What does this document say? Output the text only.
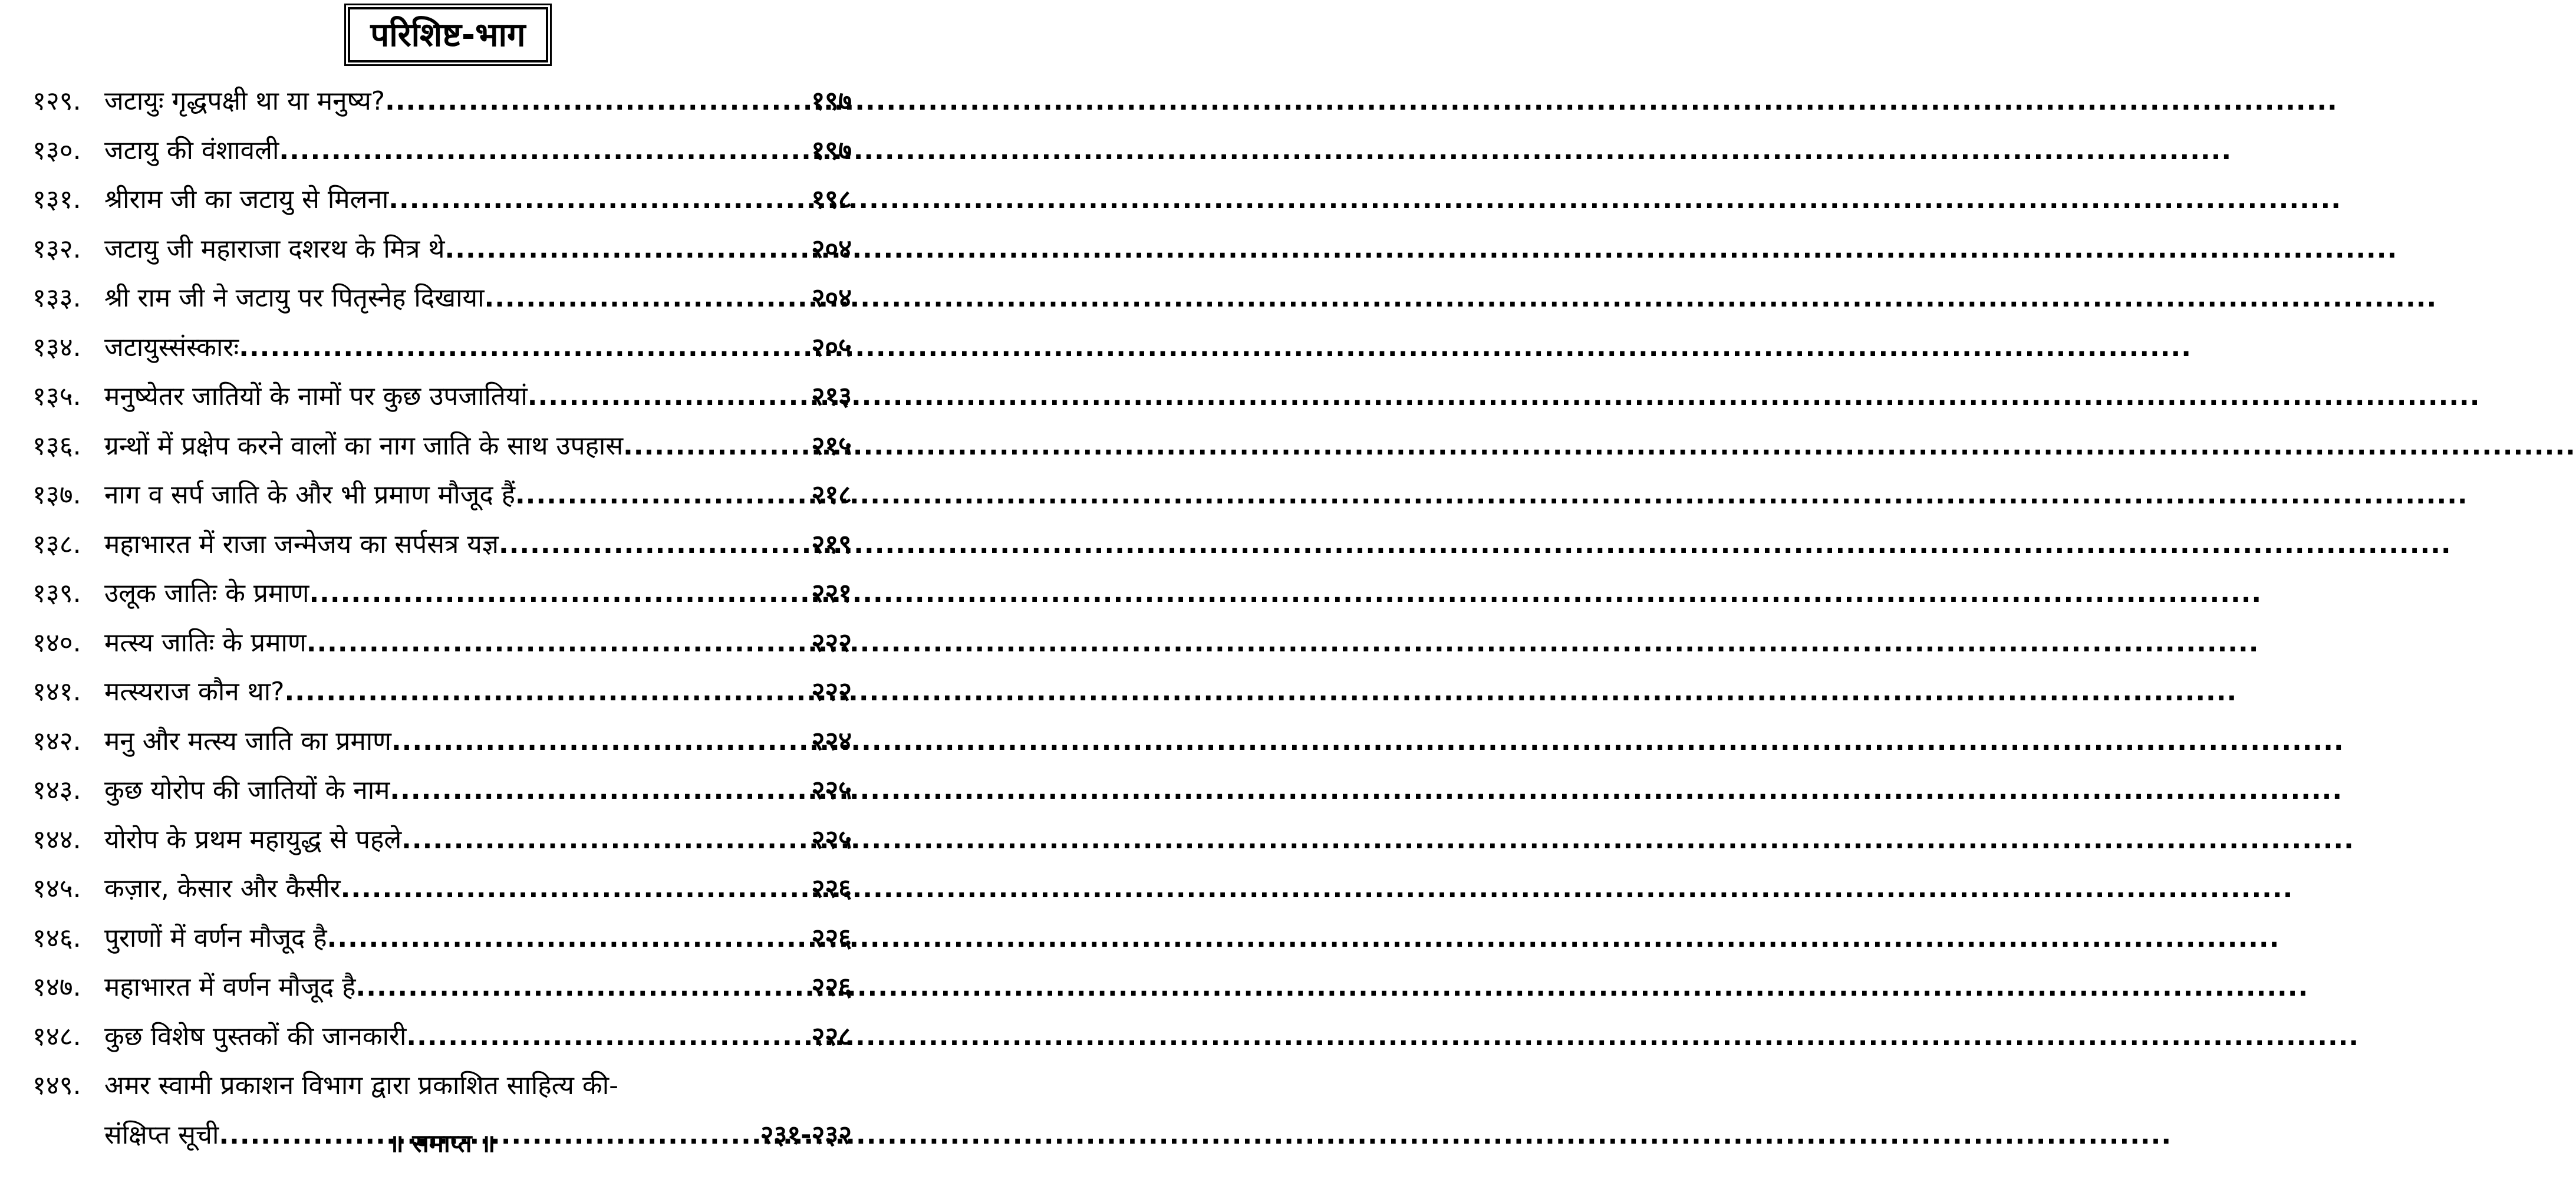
परिशिष्ट-भाग
१२९. जटायुः गृद्धपक्षी था या मनुष्य? .....	१९७
१३०. जटायु की वंशावली .....	१९७
१३१. श्रीराम जी का जटायु से मिलना .....	१९८
१३२. जटायु जी महाराजा दशरथ के मित्र थे .....	२०४
१३३. श्री राम जी ने जटायु पर पितृस्नेह दिखाया .....	२०४
१३४. जटायुस्संस्कारः .....	२०५
१३५. मनुष्येतर जातियों के नामों पर कुछ उपजातियां .....	२१३
१३६. ग्रन्थों में प्रक्षेप करने वालों का नाग जाति के साथ उपहास .....	२१५
१३७. नाग व सर्प जाति के और भी प्रमाण मौजूद हैं .....	२१८
१३८. महाभारत में राजा जन्मेजय का सर्पसत्र यज्ञ .....	२१९
१३९. उलूक जातिः के प्रमाण .....	२२१
१४०. मत्स्य जातिः के प्रमाण .....	२२२
१४१. मत्स्यराज कौन था? .....	२२२
१४२. मनु और मत्स्य जाति का प्रमाण .....	२२४
१४३. कुछ योरोप की जातियों के नाम .....	२२५
१४४. योरोप के प्रथम महायुद्ध से पहले .....	२२५
१४५. कज़ार, केसार और कैसीर .....	२२६
१४६. पुराणों में वर्णन मौजूद है .....	२२६
१४७. महाभारत में वर्णन मौजूद है .....	२२६
१४८. कुछ विशेष पुस्तकों की जानकारी .....	२२८
१४९. अमर स्वामी प्रकाशन विभाग द्वारा प्रकाशित साहित्य की-
संक्षिप्त सूची .....	२३१-२३२
॥ समाप्त ॥
